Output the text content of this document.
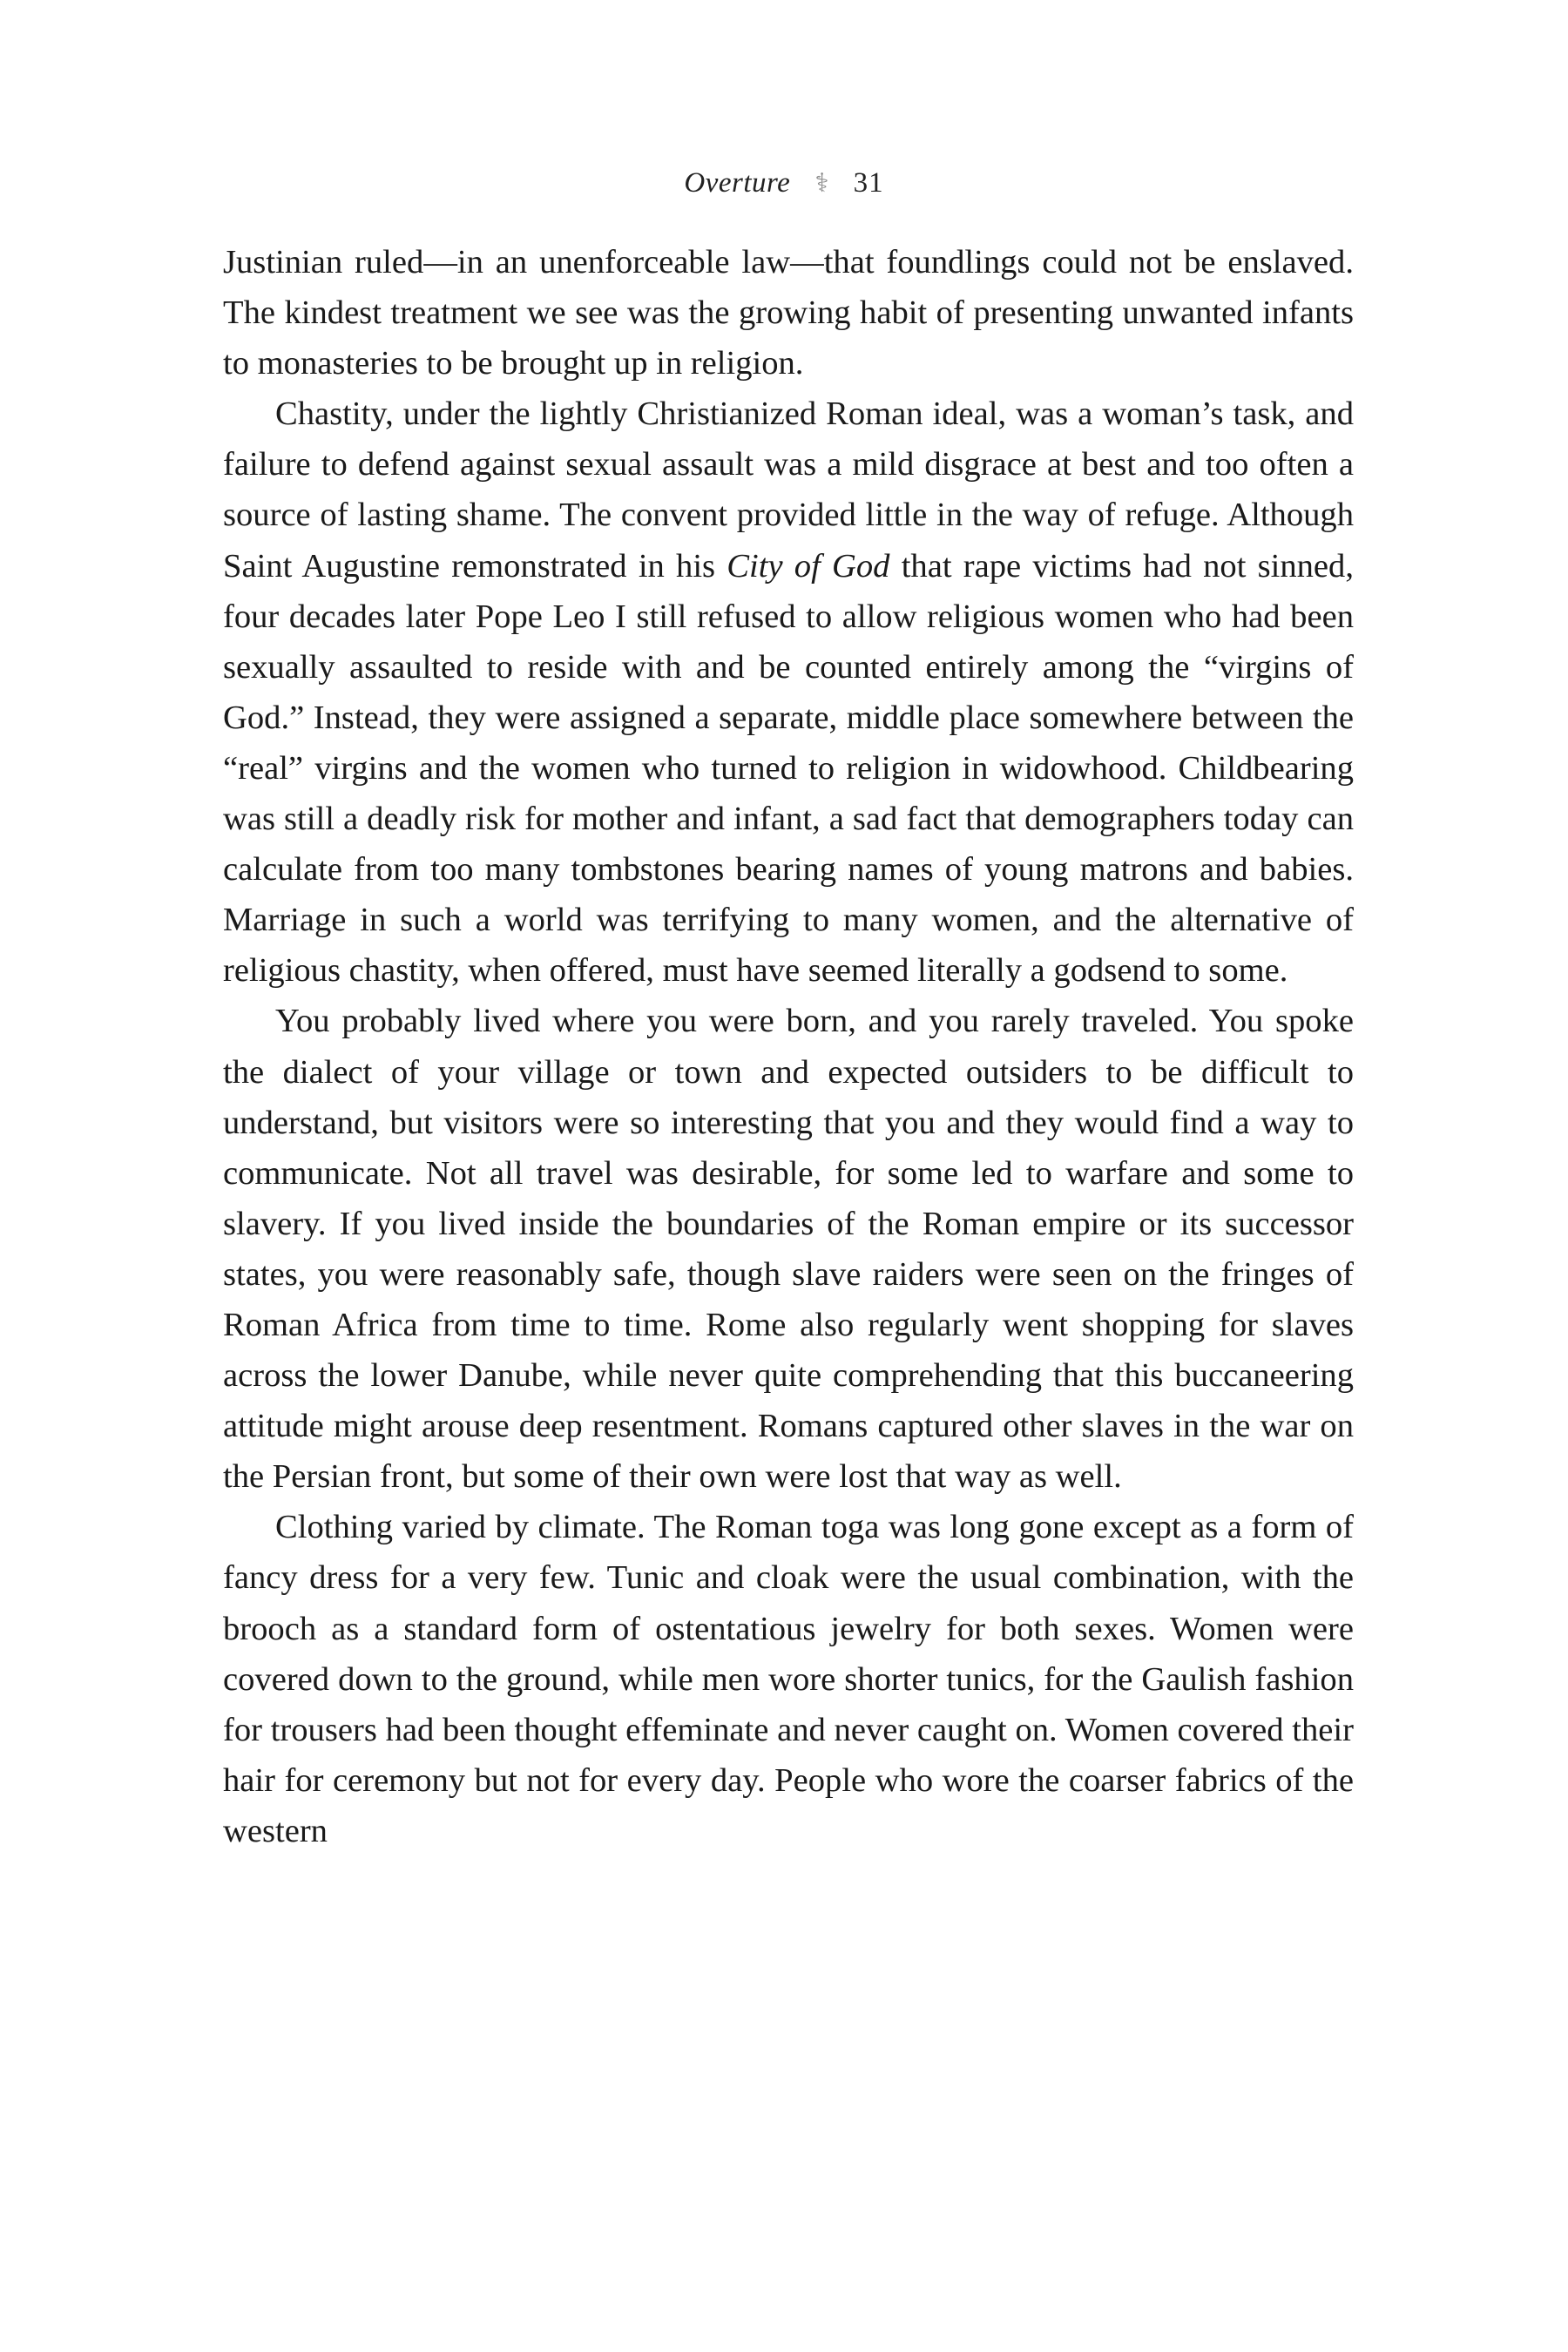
Overture ⚕ 31

Justinian ruled—in an unenforceable law—that foundlings could not be enslaved. The kindest treatment we see was the growing habit of presenting unwanted infants to monasteries to be brought up in religion.

Chastity, under the lightly Christianized Roman ideal, was a woman’s task, and failure to defend against sexual assault was a mild disgrace at best and too often a source of lasting shame. The convent provided little in the way of refuge. Although Saint Augustine remonstrated in his City of God that rape victims had not sinned, four decades later Pope Leo I still refused to allow religious women who had been sexually assaulted to reside with and be counted entirely among the “virgins of God.” Instead, they were assigned a separate, middle place somewhere between the “real” virgins and the women who turned to religion in widowhood. Childbearing was still a deadly risk for mother and infant, a sad fact that demographers today can calculate from too many tombstones bearing names of young matrons and babies. Marriage in such a world was terrifying to many women, and the alternative of religious chastity, when offered, must have seemed literally a godsend to some.

You probably lived where you were born, and you rarely traveled. You spoke the dialect of your village or town and expected outsiders to be difficult to understand, but visitors were so interesting that you and they would find a way to communicate. Not all travel was desirable, for some led to warfare and some to slavery. If you lived inside the boundaries of the Roman empire or its successor states, you were reasonably safe, though slave raiders were seen on the fringes of Roman Africa from time to time. Rome also regularly went shopping for slaves across the lower Danube, while never quite comprehending that this buccaneering attitude might arouse deep resentment. Romans captured other slaves in the war on the Persian front, but some of their own were lost that way as well.

Clothing varied by climate. The Roman toga was long gone except as a form of fancy dress for a very few. Tunic and cloak were the usual combination, with the brooch as a standard form of ostentatious jewelry for both sexes. Women were covered down to the ground, while men wore shorter tunics, for the Gaulish fashion for trousers had been thought effeminate and never caught on. Women covered their hair for ceremony but not for every day. People who wore the coarser fabrics of the western
